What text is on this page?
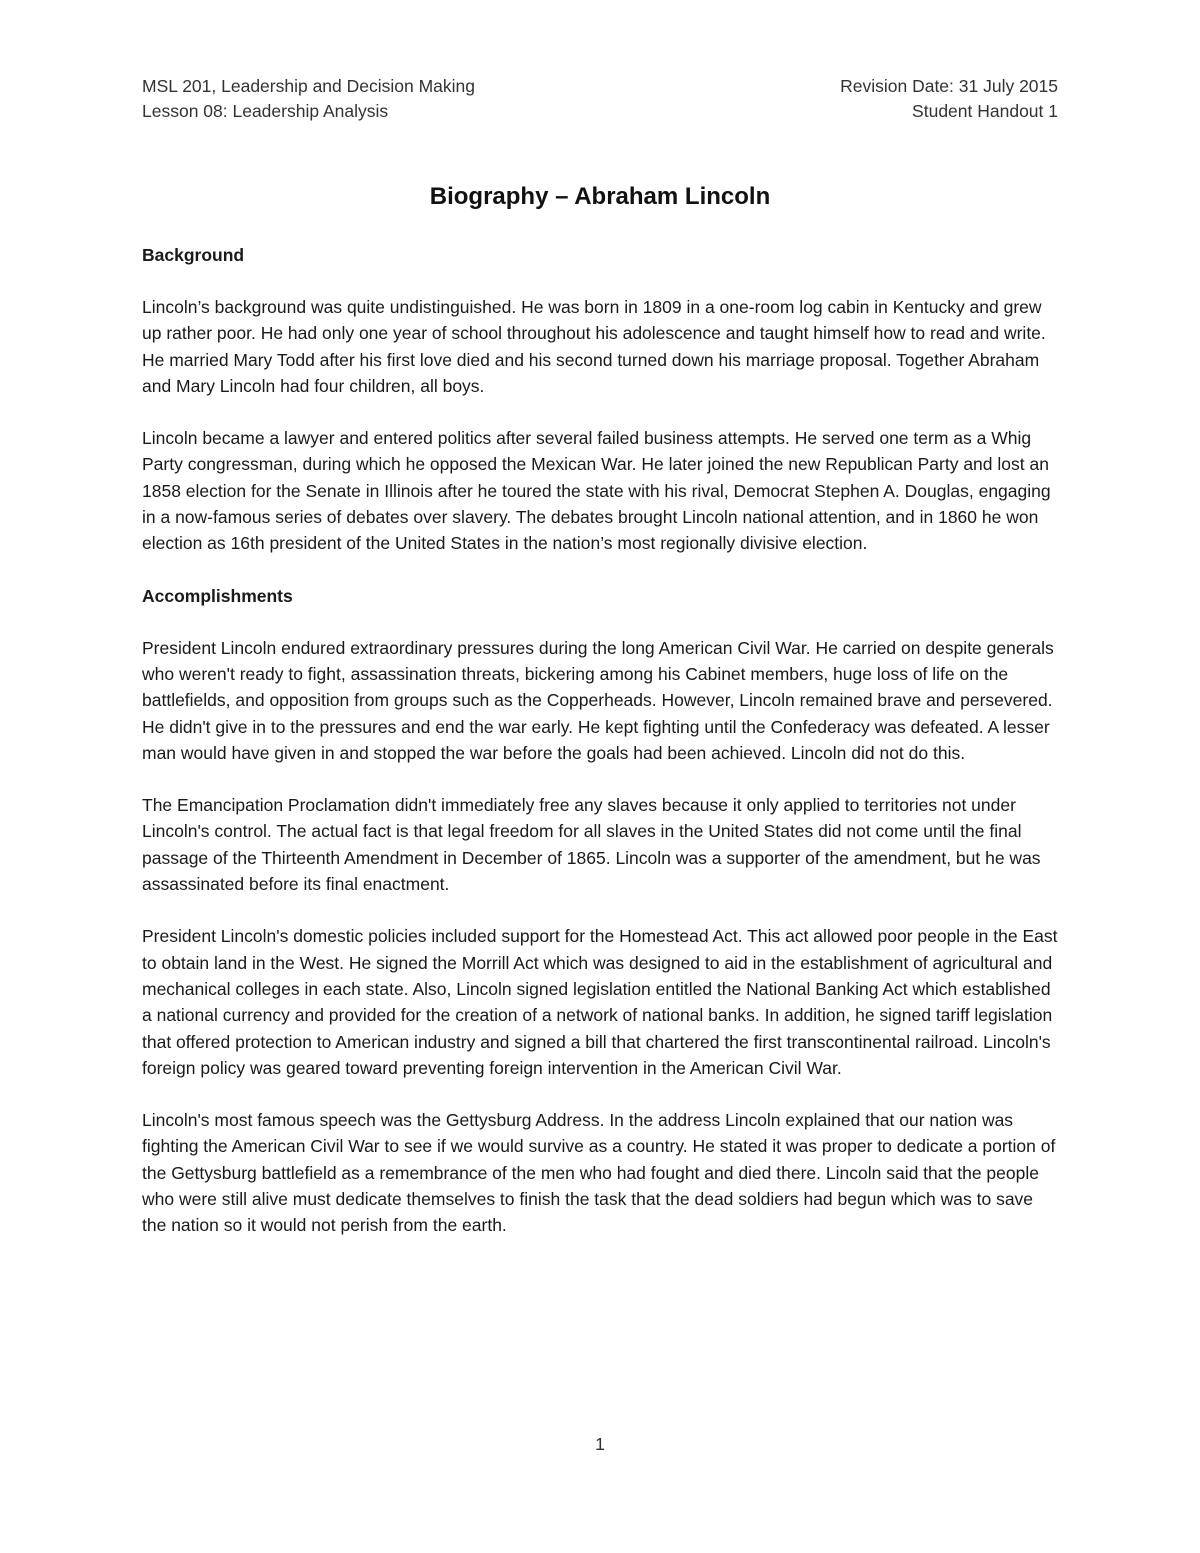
MSL 201, Leadership and Decision Making	Revision Date: 31 July 2015
Lesson 08: Leadership Analysis	Student Handout 1
Biography – Abraham Lincoln
Background

Lincoln’s background was quite undistinguished. He was born in 1809 in a one-room log cabin in Kentucky and grew up rather poor. He had only one year of school throughout his adolescence and taught himself how to read and write. He married Mary Todd after his first love died and his second turned down his marriage proposal. Together Abraham and Mary Lincoln had four children, all boys.

Lincoln became a lawyer and entered politics after several failed business attempts. He served one term as a Whig Party congressman, during which he opposed the Mexican War. He later joined the new Republican Party and lost an 1858 election for the Senate in Illinois after he toured the state with his rival, Democrat Stephen A. Douglas, engaging in a now-famous series of debates over slavery. The debates brought Lincoln national attention, and in 1860 he won election as 16th president of the United States in the nation’s most regionally divisive election.

Accomplishments

President Lincoln endured extraordinary pressures during the long American Civil War. He carried on despite generals who weren't ready to fight, assassination threats, bickering among his Cabinet members, huge loss of life on the battlefields, and opposition from groups such as the Copperheads. However, Lincoln remained brave and persevered. He didn't give in to the pressures and end the war early. He kept fighting until the Confederacy was defeated. A lesser man would have given in and stopped the war before the goals had been achieved. Lincoln did not do this.

The Emancipation Proclamation didn't immediately free any slaves because it only applied to territories not under Lincoln's control. The actual fact is that legal freedom for all slaves in the United States did not come until the final passage of the Thirteenth Amendment in December of 1865. Lincoln was a supporter of the amendment, but he was assassinated before its final enactment.

President Lincoln's domestic policies included support for the Homestead Act. This act allowed poor people in the East to obtain land in the West. He signed the Morrill Act which was designed to aid in the establishment of agricultural and mechanical colleges in each state. Also, Lincoln signed legislation entitled the National Banking Act which established a national currency and provided for the creation of a network of national banks. In addition, he signed tariff legislation that offered protection to American industry and signed a bill that chartered the first transcontinental railroad. Lincoln's foreign policy was geared toward preventing foreign intervention in the American Civil War.

Lincoln's most famous speech was the Gettysburg Address. In the address Lincoln explained that our nation was fighting the American Civil War to see if we would survive as a country. He stated it was proper to dedicate a portion of the Gettysburg battlefield as a remembrance of the men who had fought and died there. Lincoln said that the people who were still alive must dedicate themselves to finish the task that the dead soldiers had begun which was to save the nation so it would not perish from the earth.

1
